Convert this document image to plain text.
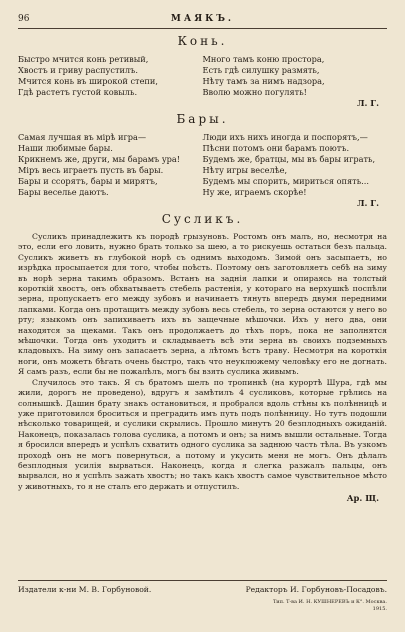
96	МАЯКЪ.
Конь.
Быстро мчится конь ретивый,
Хвостъ и гриву распустилъ.
Мчится конь въ широкой степи,
Гдѣ растетъ густой ковыль.
Много тамъ коню простора,
Есть гдѣ силушку размять,
Нѣту тамъ за нимъ надзора,
Вволю можно погулять!
Л. Г.
Бары.
Самая лучшая въ мірѣ игра—
Наши любимые бары.
Крикнемъ же, други, мы барамъ ура!
Міръ весь играетъ пусть въ бары.
Бары и ссорятъ, бары и мирятъ,
Бары веселье даютъ.
Люди ихъ нихъ иногда и поспорятъ,—
Пѣсни потомъ они барамъ поютъ.
Будемъ же, братцы, мы въ бары играть,
Нѣту игры веселѣе,
Будемъ мы спорить, мириться опять...
Ну же, играемъ скорѣе!
Л. Г.
Сусликъ.

Сусликъ принадлежитъ къ породѣ грызуновъ. Ростомъ онъ малъ, но, несмотря на это, если его ловить, нужно брать только за шею, а то рискуешь остаться безъ пальца. Сусликъ живетъ въ глубокой норѣ съ однимъ выходомъ. Зимой онъ засыпаетъ, но изрѣдка просыпается для того, чтобы поѣсть. Поэтому онъ заготовляетъ себѣ на зиму въ норѣ зерна такимъ образомъ. Встанъ на заднія лапки и опираясь на толстый короткій хвостъ, онъ обхватываетъ стебель растенія, у котораго на верхушкѣ поспѣли зерна, пропускаетъ его между зубовъ и начинаетъ тянуть впередъ двумя передними лапками. Когда онъ протащитъ между зубовъ весь стебель, то зерна остаются у него во рту; языкомъ онъ запихиваетъ ихъ въ защечные мѣшочки. Ихъ у него два, они находятся за щеками. Такъ онъ продолжаетъ до тѣхъ поръ, пока не заполнятся мѣшочки. Тогда онъ уходитъ и складываетъ всѣ эти зерна въ своихъ подземныхъ кладовыхъ. На зиму онъ запасаетъ зерна, а лѣтомъ ѣстъ траву. Несмотря на короткія ноги, онъ можетъ бѣгать очень быстро, такъ что неуклюжему человѣку его не догнать. Я самъ разъ, если бы не пожалѣлъ, могъ бы взять суслика живымъ.

Случилось это такъ. Я съ братомъ шелъ по тропинкѣ (на курортѣ Шура, гдѣ мы жили, дорогъ не проведено), вдругъ я замѣтилъ 4 сусликовъ, которые грѣлись на солнышкѣ. Дашин брату знакъ остановиться, я пробрался вдоль стѣны къ полѣнницѣ и уже приготовился броситься и преградить имъ путь подъ полѣнницу. Но тутъ подошли нѣсколько товарищей, и суслики скрылись. Прошло минутъ 20 безплодныхъ ожиданій. Наконецъ, показалась голова суслика, а потомъ и онъ; за нимъ вышли остальные. Тогда я бросился впередъ и успѣлъ схватить одного суслика за заднюю часть тѣла. Въ узкомъ проходѣ онъ не могъ повернуться, а потому и укусить меня не могъ. Онъ дѣлалъ безплодныя усилія вырваться. Наконецъ, когда я слегка разжалъ пальцы, онъ вырвался, но я успѣлъ зажать хвостъ; но такъ какъ хвостъ самое чувствительное мѣсто у животныхъ, то я не сталъ его держать и отпустилъ.

Ар. Щ.
Издатели к-ни М. В. Горбуновой.	Редакторъ И. Горбуновъ-Посадовъ.
Тип. Т-ва И. Н. КУШНЕРЕВЪ и К°. Москва.
1915.
